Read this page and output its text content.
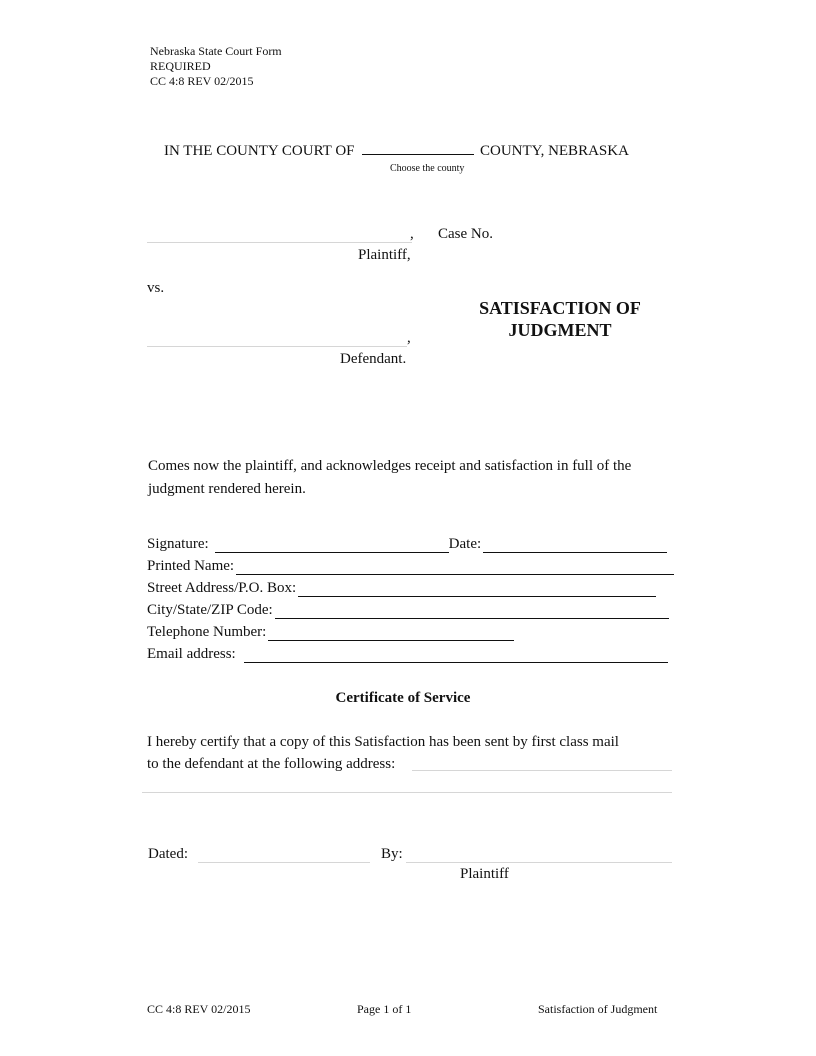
Nebraska State Court Form
REQUIRED
CC 4:8 REV 02/2015
IN THE COUNTY COURT OF	COUNTY, NEBRASKA
Choose the county
, Case No.
Plaintiff,
vs.
SATISFACTION OF
JUDGMENT
,
Defendant.
Comes now the plaintiff, and acknowledges receipt and satisfaction in full of the judgment rendered herein.
Signature:	Date:
Printed Name:
Street Address/P.O. Box:
City/State/ZIP Code:
Telephone Number:
Email address:
Certificate of Service
I hereby certify that a copy of this Satisfaction has been sent by first class mail
to the defendant at the following address:
Dated:	By:
Plaintiff
CC 4:8 REV 02/2015	Page 1 of 1	Satisfaction of Judgment
